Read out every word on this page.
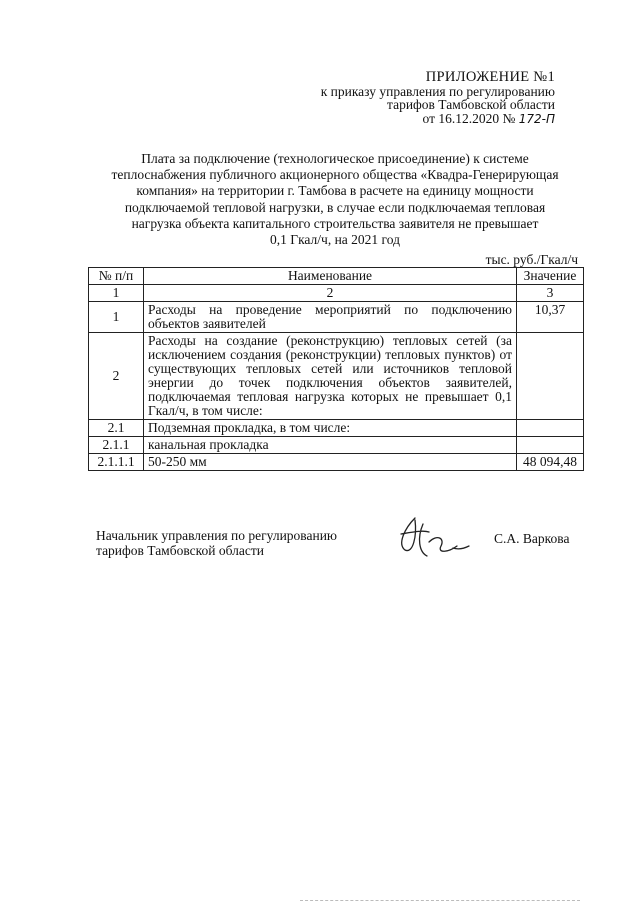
ПРИЛОЖЕНИЕ №1
к приказу управления по регулированию
тарифов Тамбовской области
от 16.12.2020 № 172-П
Плата за подключение (технологическое присоединение) к системе
теплоснабжения публичного акционерного общества «Квадра-Генерирующая
компания» на территории г. Тамбова в расчете на единицу мощности
подключаемой тепловой нагрузки, в случае если подключаемая тепловая
нагрузка объекта капитального строительства заявителя не превышает
0,1 Гкал/ч, на 2021 год
тыс. руб./Гкал/ч
№ п/п	Наименование	Значение
1	2	3
1	Расходы на проведение мероприятий по подключению объектов заявителей	10,37
2	Расходы на создание (реконструкцию) тепловых сетей (за исключением создания (реконструкции) тепловых пунктов) от существующих тепловых сетей или источников тепловой энергии до точек подключения объектов заявителей, подключаемая тепловая нагрузка которых не превышает 0,1 Гкал/ч, в том числе:	
2.1	Подземная прокладка, в том числе:	
2.1.1	канальная прокладка	
2.1.1.1	50-250 мм	48 094,48
Начальник управления по регулированию
тарифов Тамбовской области
С.А. Варкова
